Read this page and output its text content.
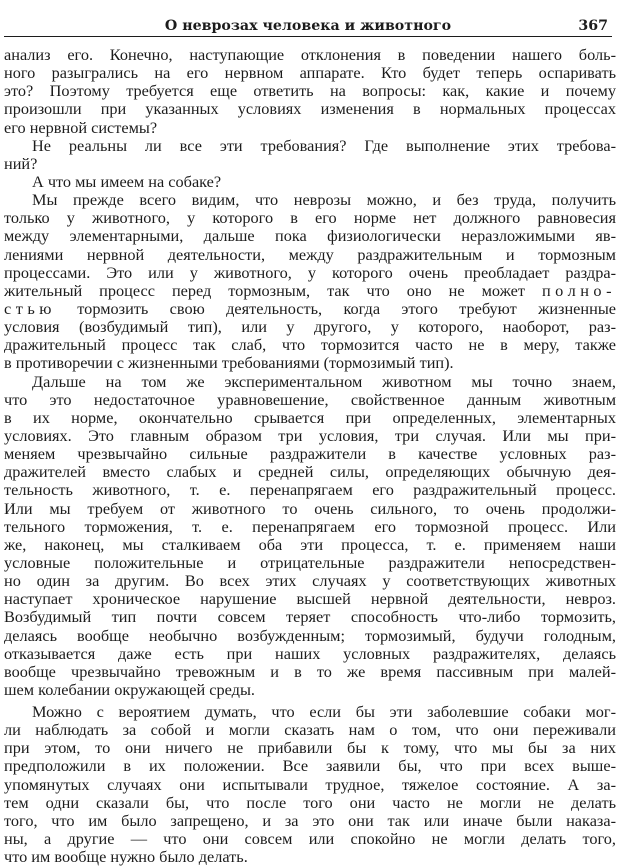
О неврозах человека и животного	367
анализ его. Конечно, наступающие отклонения в поведении нашего боль-
ного разыгрались на его нервном аппарате. Кто будет теперь оспаривать
это? Поэтому требуется еще ответить на вопросы: как, какие и почему
произошли при указанных условиях изменения в нормальных процессах
его нервной системы?
Не реальны ли все эти требования? Где выполнение этих требова-
ний?
А что мы имеем на собаке?
Мы прежде всего видим, что неврозы можно, и без труда, получить
только у животного, у которого в его норме нет должного равновесия
между элементарными, дальше пока физиологически неразложимыми яв-
лениями нервной деятельности, между раздражительным и тормозным
процессами. Это или у животного, у которого очень преобладает раздра-
жительный процесс перед тормозным, так что оно не может полно-
стью тормозить свою деятельность, когда этого требуют жизненные
условия (возбудимый тип), или у другого, у которого, наоборот, раз-
дражительный процесс так слаб, что тормозится часто не в меру, также
в противоречии с жизненными требованиями (тормозимый тип).
Дальше на том же экспериментальном животном мы точно знаем,
что это недостаточное уравновешение, свойственное данным животным
в их норме, окончательно срывается при определенных, элементарных
условиях. Это главным образом три условия, три случая. Или мы при-
меняем чрезвычайно сильные раздражители в качестве условных раз-
дражителей вместо слабых и средней силы, определяющих обычную дея-
тельность животного, т. е. перенапрягаем его раздражительный процесс.
Или мы требуем от животного то очень сильного, то очень продолжи-
тельного торможения, т. е. перенапрягаем его тормозной процесс. Или
же, наконец, мы сталкиваем оба эти процесса, т. е. применяем наши
условные положительные и отрицательные раздражители непосредствен-
но один за другим. Во всех этих случаях у соответствующих животных
наступает хроническое нарушение высшей нервной деятельности, невроз.
Возбудимый тип почти совсем теряет способность что-либо тормозить,
делаясь вообще необычно возбужденным; тормозимый, будучи голодным,
отказывается даже есть при наших условных раздражителях, делаясь
вообще чрезвычайно тревожным и в то же время пассивным при малей-
шем колебании окружающей среды.
Можно с вероятием думать, что если бы эти заболевшие собаки мог-
ли наблюдать за собой и могли сказать нам о том, что они переживали
при этом, то они ничего не прибавили бы к тому, что мы бы за них
предположили в их положении. Все заявили бы, что при всех выше-
упомянутых случаях они испытывали трудное, тяжелое состояние. А за-
тем одни сказали бы, что после того они часто не могли не делать
того, что им было запрещено, и за это они так или иначе были наказа-
ны, а другие — что они совсем или спокойно не могли делать того,
что им вообще нужно было делать.
